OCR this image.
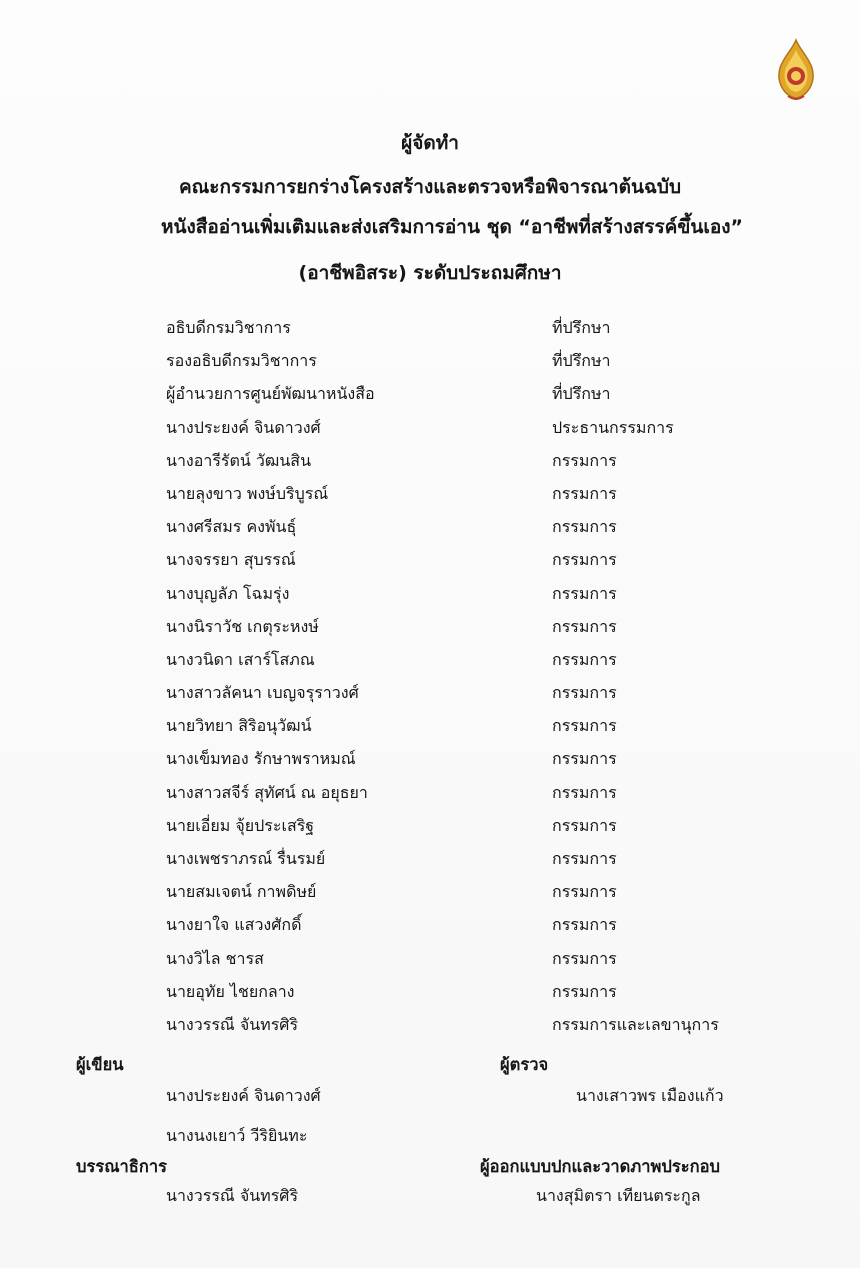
ผู้จัดทำ
คณะกรรมการยกร่างโครงสร้างและตรวจหรือพิจารณาต้นฉบับ
หนังสืออ่านเพิ่มเติมและส่งเสริมการอ่าน ชุด “อาชีพที่สร้างสรรค์ขึ้นเอง”
(อาชีพอิสระ) ระดับประถมศึกษา
อธิบดีกรมวิชาการ	ที่ปรึกษา
รองอธิบดีกรมวิชาการ	ที่ปรึกษา
ผู้อำนวยการศูนย์พัฒนาหนังสือ	ที่ปรึกษา
นางประยงค์ จินดาวงศ์	ประธานกรรมการ
นางอารีรัตน์ วัฒนสิน	กรรมการ
นายลุงขาว พงษ์บริบูรณ์	กรรมการ
นางศรีสมร คงพันธุ์	กรรมการ
นางจรรยา สุบรรณ์	กรรมการ
นางบุญลัภ โฉมรุ่ง	กรรมการ
นางนิราวัช เกตุระหงษ์	กรรมการ
นางวนิดา เสาร์โสภณ	กรรมการ
นางสาวลัคนา เบญจรุราวงศ์	กรรมการ
นายวิทยา สิริอนุวัฒน์	กรรมการ
นางเข็มทอง รักษาพราหมณ์	กรรมการ
นางสาวสจีร์ สุทัศน์ ณ อยุธยา	กรรมการ
นายเอี่ยม จุ้ยประเสริฐ	กรรมการ
นางเพชราภรณ์ รื่นรมย์	กรรมการ
นายสมเจตน์ กาพดิษย์	กรรมการ
นางยาใจ แสวงศักดิ์	กรรมการ
นางวิไล ชารส	กรรมการ
นายอุทัย ไชยกลาง	กรรมการ
นางวรรณี จันทรศิริ	กรรมการและเลขานุการ
ผู้เขียน
นางประยงค์ จินดาวงศ์
นางนงเยาว์ วีริยินทะ
ผู้ตรวจ
นางเสาวพร เมืองแก้ว
บรรณาธิการ
นางวรรณี จันทรศิริ
ผู้ออกแบบปกและวาดภาพประกอบ
นางสุมิตรา เทียนตระกูล
